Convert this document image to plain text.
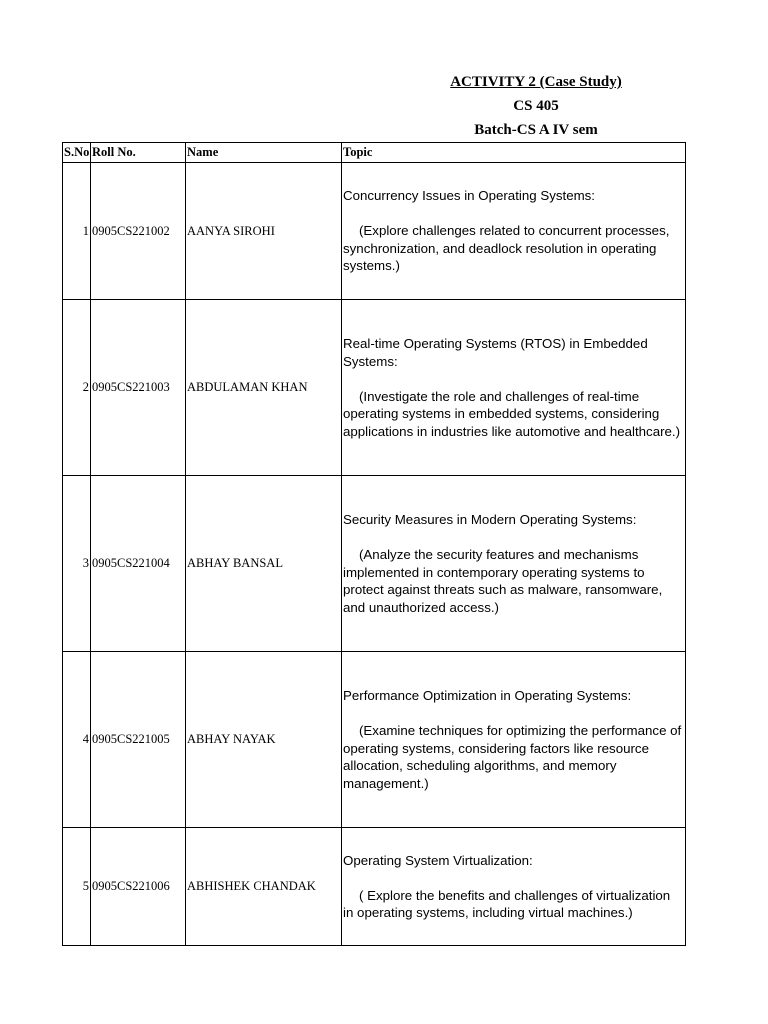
ACTIVITY 2 (Case Study)
CS 405
Batch-CS A IV sem
S.No	Roll No.	Name	Topic
1	0905CS221002	AANYA SIROHI	Concurrency Issues in Operating Systems:
(Explore challenges related to concurrent processes, synchronization, and deadlock resolution in operating systems.)

2	0905CS221003	ABDULAMAN KHAN	Real-time Operating Systems (RTOS) in Embedded Systems:
(Investigate the role and challenges of real-time operating systems in embedded systems, considering applications in industries like automotive and healthcare.)

3	0905CS221004	ABHAY BANSAL	Security Measures in Modern Operating Systems:
(Analyze the security features and mechanisms implemented in contemporary operating systems to protect against threats such as malware, ransomware, and unauthorized access.)

4	0905CS221005	ABHAY NAYAK	Performance Optimization in Operating Systems:
(Examine techniques for optimizing the performance of operating systems, considering factors like resource allocation, scheduling algorithms, and memory management.)

5	0905CS221006	ABHISHEK CHANDAK	Operating System Virtualization:
( Explore the benefits and challenges of virtualization in operating systems, including virtual machines.)
